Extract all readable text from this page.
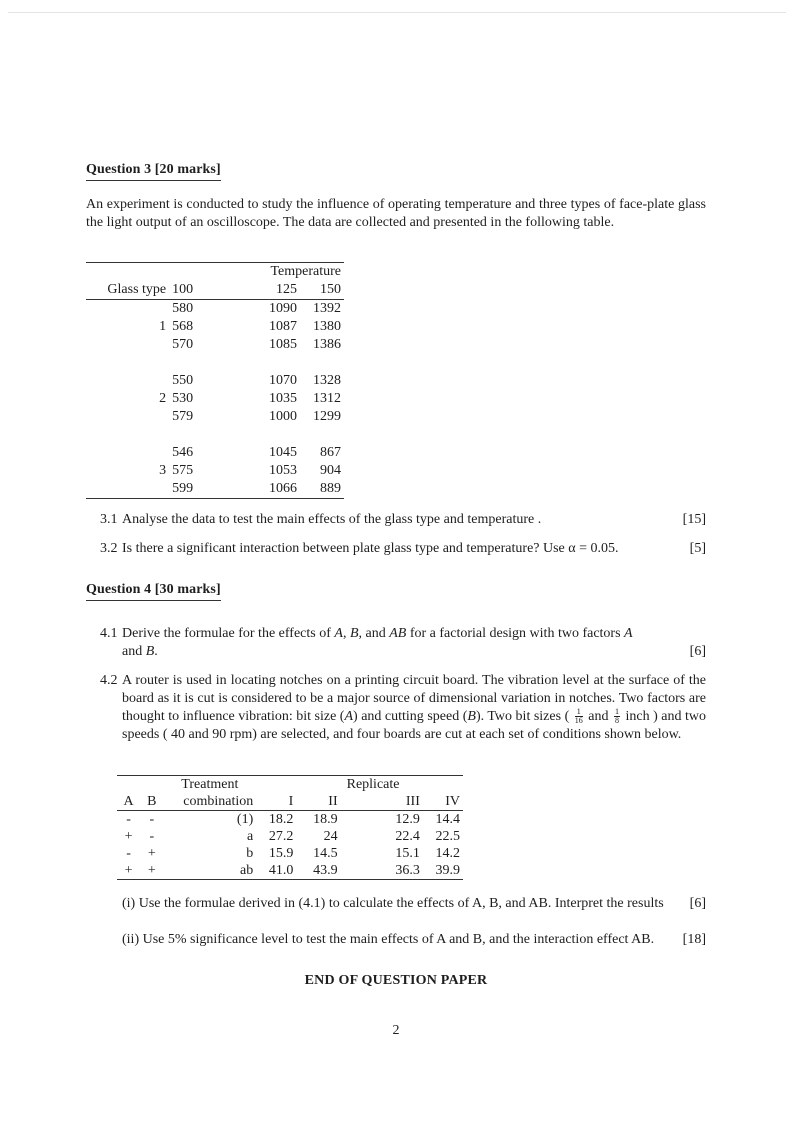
Question 3 [20 marks]
An experiment is conducted to study the influence of operating temperature and three types of face-plate glass the light output of an oscilloscope. The data are collected and presented in the following table.
		Temperature	
Glass type	100	125	150
	580	1090	1392
1	568	1087	1380
	570	1085	1386

	550	1070	1328
2	530	1035	1312
	579	1000	1299

	546	1045	867
3	575	1053	904
	599	1066	889
3.1	[15]
Analyse the data to test the main effects of the glass type and temperature .
3.2	[5]
Is there a significant interaction between plate glass type and temperature? Use α = 0.05.
Question 4 [30 marks]
4.1 Derive the formulae for the effects of A, B, and AB for a factorial design with two factors A
and B.	[6]
4.2 A router is used in locating notches on a printing circuit board. The vibration level at the surface of the board as it is cut is considered to be a major source of dimensional variation in notches. Two factors are thought to influence vibration: bit size (A) and cutting speed (B). Two bit sizes ( $\frac{1}{16}$ and $\frac{1}{8}$ inch ) and two speeds ( 40 and 90 rpm) are selected, and four boards are cut at each set of conditions shown below.
		Treatment			Replicate	
A	B	combination	I	II	III	IV
-	-	(1)	18.2	18.9	12.9	14.4
+	-	a	27.2	24	22.4	22.5
-	+	b	15.9	14.5	15.1	14.2
+	+	ab	41.0	43.9	36.3	39.9
(i) Use the formulae derived in (4.1) to calculate the effects of A, B, and AB. Interpret the results [6]
(ii) Use 5% significance level to test the main effects of A and B, and the interaction effect AB. [18]
END OF QUESTION PAPER
2
